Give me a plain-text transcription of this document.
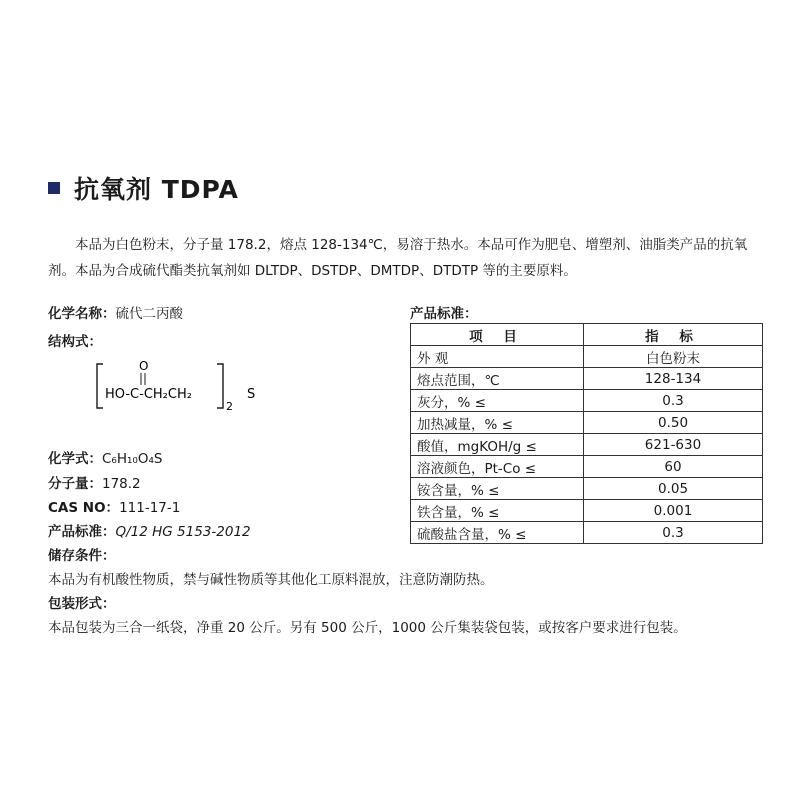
抗氧剂 TDPA
本品为白色粉末，分子量 178.2，熔点 128-134℃，易溶于热水。本品可作为肥皂、增塑剂、油脂类产品的抗氧剂。本品为合成硫代酯类抗氧剂如 DLTDP、DSTDP、DMTDP、DTDTP 等的主要原料。
化学名称：硫代二丙酸
结构式：
O
HO-C-CH₂CH₂
2
S
化学式：C₆H₁₀O₄S
分子量：178.2
CAS NO：111-17-1
产品标准：Q/12 HG 5153-2012
产品标准：
项 目	指 标
外 观	白色粉末
熔点范围，℃	128-134
灰分，% ≤	0.3
加热减量，% ≤	0.50
酸值，mgKOH/g ≤	621-630
溶液颜色，Pt-Co ≤	60
铵含量，% ≤	0.05
铁含量，% ≤	0.001
硫酸盐含量，% ≤	0.3
储存条件：
本品为有机酸性物质，禁与碱性物质等其他化工原料混放，注意防潮防热。
包装形式：
本品包装为三合一纸袋，净重 20 公斤。另有 500 公斤，1000 公斤集装袋包装，或按客户要求进行包装。
